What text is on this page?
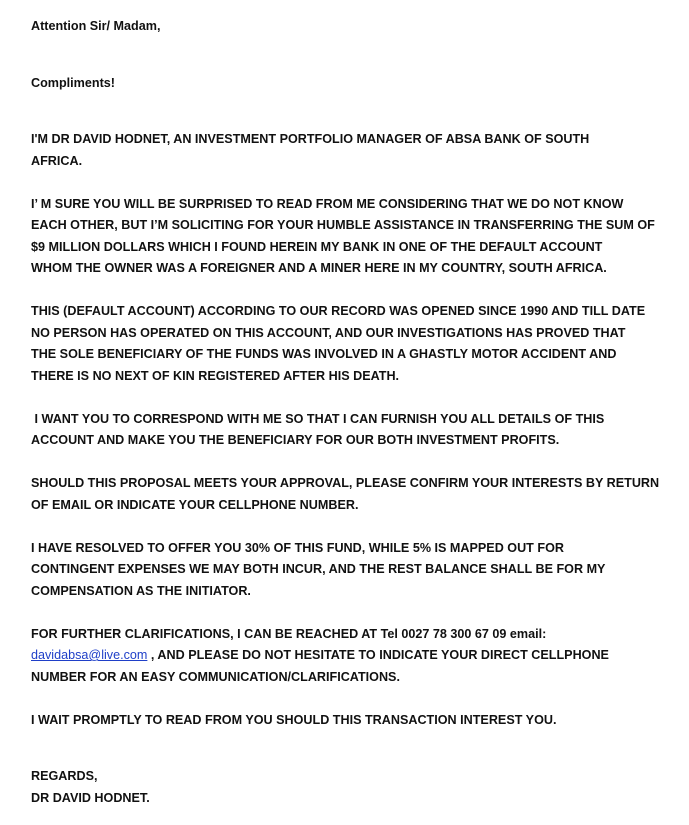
Attention Sir/ Madam,

Compliments!

I'M DR DAVID HODNET, AN INVESTMENT PORTFOLIO MANAGER OF ABSA BANK OF SOUTH
AFRICA.

I’ M SURE YOU WILL BE SURPRISED TO READ FROM ME CONSIDERING THAT WE DO NOT KNOW
EACH OTHER, BUT I’M SOLICITING FOR YOUR HUMBLE ASSISTANCE IN TRANSFERRING THE SUM OF
$9 MILLION DOLLARS WHICH I FOUND HEREIN MY BANK IN ONE OF THE DEFAULT ACCOUNT
WHOM THE OWNER WAS A FOREIGNER AND A MINER HERE IN MY COUNTRY, SOUTH AFRICA.

THIS (DEFAULT ACCOUNT) ACCORDING TO OUR RECORD WAS OPENED SINCE 1990 AND TILL DATE
NO PERSON HAS OPERATED ON THIS ACCOUNT, AND OUR INVESTIGATIONS HAS PROVED THAT
THE SOLE BENEFICIARY OF THE FUNDS WAS INVOLVED IN A GHASTLY MOTOR ACCIDENT AND
THERE IS NO NEXT OF KIN REGISTERED AFTER HIS DEATH.

I WANT YOU TO CORRESPOND WITH ME SO THAT I CAN FURNISH YOU ALL DETAILS OF THIS
ACCOUNT AND MAKE YOU THE BENEFICIARY FOR OUR BOTH INVESTMENT PROFITS.

SHOULD THIS PROPOSAL MEETS YOUR APPROVAL, PLEASE CONFIRM YOUR INTERESTS BY RETURN
OF EMAIL OR INDICATE YOUR CELLPHONE NUMBER.

I HAVE RESOLVED TO OFFER YOU 30% OF THIS FUND, WHILE 5% IS MAPPED OUT FOR
CONTINGENT EXPENSES WE MAY BOTH INCUR, AND THE REST BALANCE SHALL BE FOR MY
COMPENSATION AS THE INITIATOR.

FOR FURTHER CLARIFICATIONS, I CAN BE REACHED AT Tel 0027 78 300 67 09 email:
davidabsa@live.com , AND PLEASE DO NOT HESITATE TO INDICATE YOUR DIRECT CELLPHONE
NUMBER FOR AN EASY COMMUNICATION/CLARIFICATIONS.

I WAIT PROMPTLY TO READ FROM YOU SHOULD THIS TRANSACTION INTEREST YOU.

REGARDS,

DR DAVID HODNET.
